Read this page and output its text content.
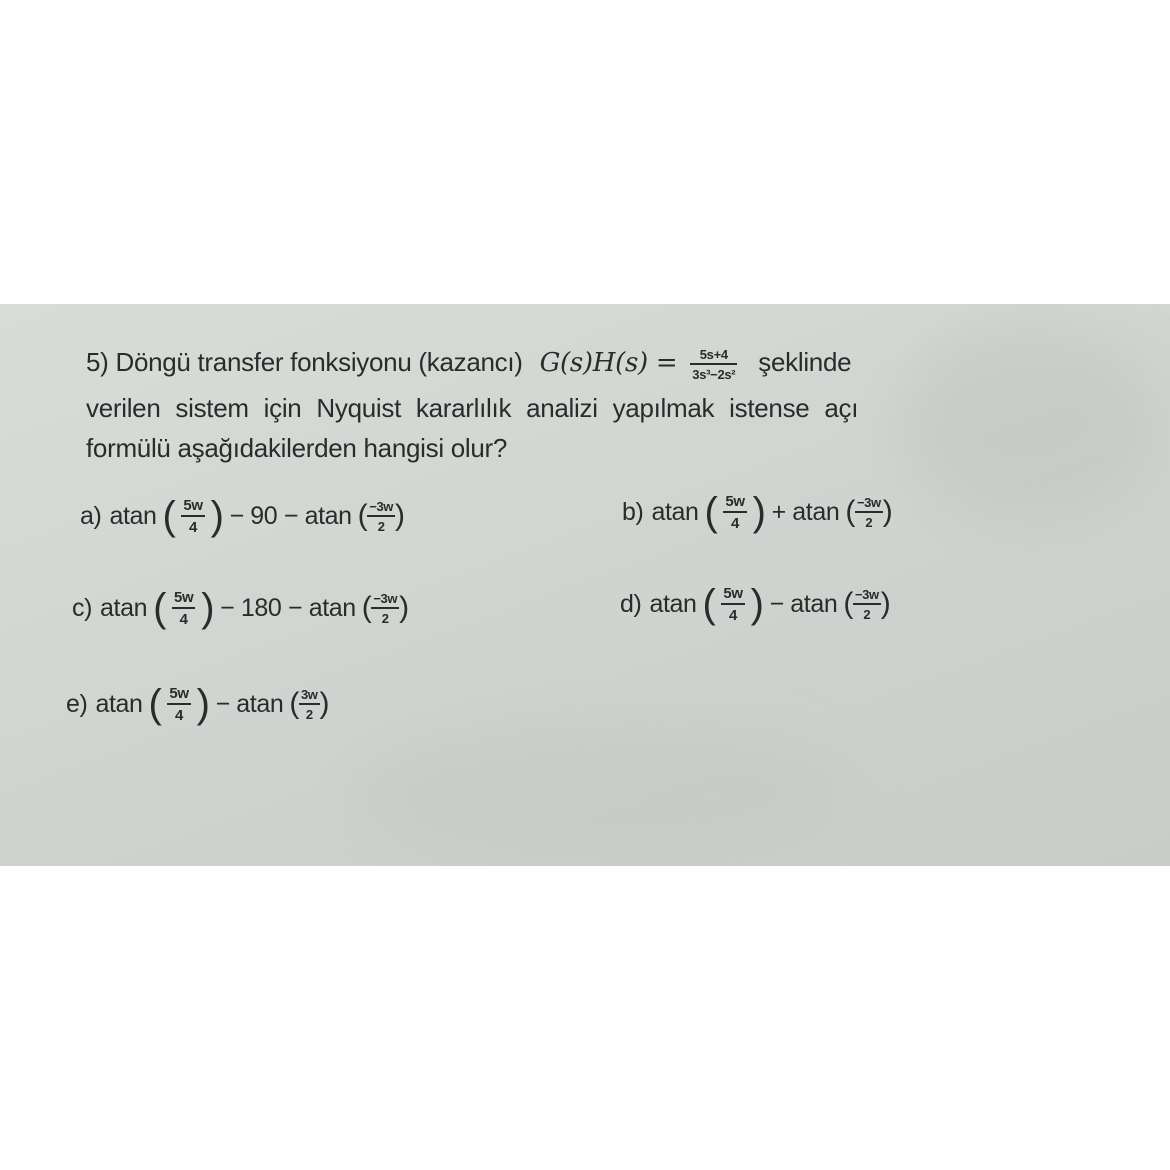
5) Döngü transfer fonksiyonu (kazancı) $G(s)H(s) = \frac{5s+4}{\text{3s³−2s²}}$ şeklinde
verilen sistem için Nyquist kararlılık analizi yapılmak istense açı
formülü aşağıdakilerden hangisi olur?
a) atan ( $\frac{5w}{4}$ ) − 90 − atan ( $\frac{-3w}{2}$ )	b) atan ( $\frac{5w}{4}$ ) + atan ( $\frac{-3w}{2}$ )
c) atan ( $\frac{5w}{4}$ ) − 180 − atan ( $\frac{-3w}{2}$ )	d) atan ( $\frac{5w}{4}$ ) − atan ( $\frac{-3w}{2}$ )
e) atan ( $\frac{5w}{4}$ ) − atan ( $\frac{3w}{2}$ )
